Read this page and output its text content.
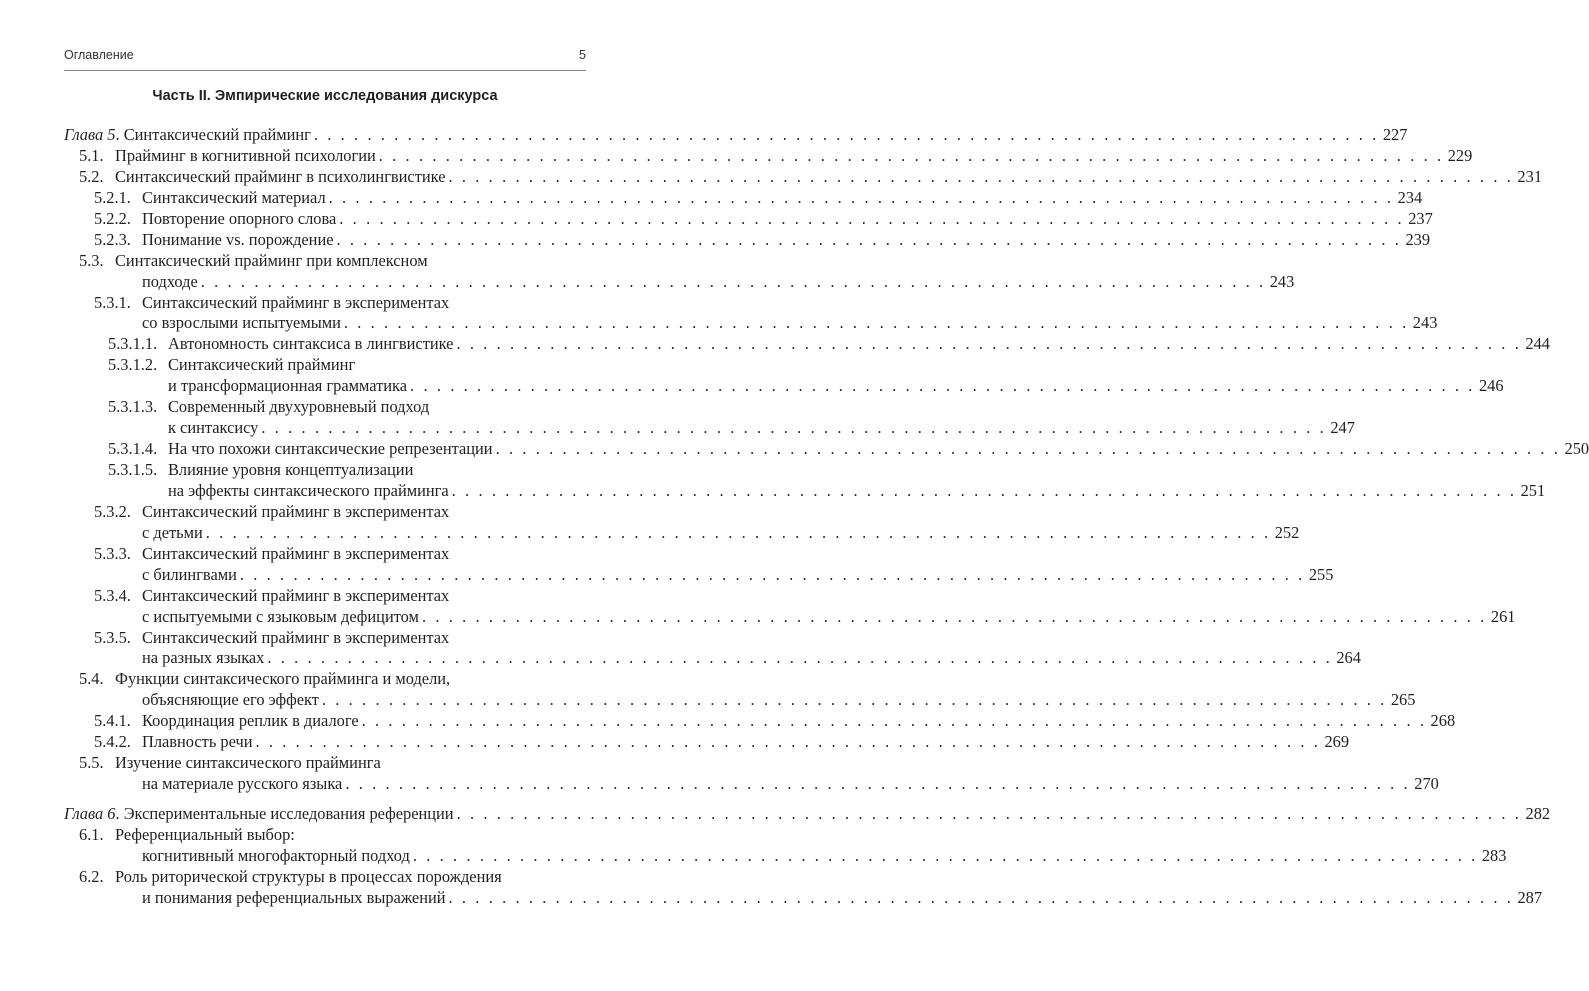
Оглавление	5
Часть II. Эмпирические исследования дискурса
Глава 5. Синтаксический прайминг . . . . . . . . . . . . . . . . . . . . . . . . . . . . . . . . . . . . . . . . . . . . . . . . . . . . . . . . . . . . . . . . . . . . . . . . . . . . . . . . 227
5.1. Прайминг в когнитивной психологии . . . . . . . . . . . . . . . . . . . . . . . . . . . . . . . . . . . . . . . . . . . . . . . . . . . . . . . . . . . . . . . . . . . . . . . . . . . . . . . . 229
5.2. Синтаксический прайминг в психолингвистике . . . . . . . . . . . . . . . . . . . . . . . . . . . . . . . . . . . . . . . . . . . . . . . . . . . . . . . . . . . . . . . . . . . . . . . . . . . . . . . . 231
5.2.1. Синтаксический материал . . . . . . . . . . . . . . . . . . . . . . . . . . . . . . . . . . . . . . . . . . . . . . . . . . . . . . . . . . . . . . . . . . . . . . . . . . . . . . . . 234
5.2.2. Повторение опорного слова . . . . . . . . . . . . . . . . . . . . . . . . . . . . . . . . . . . . . . . . . . . . . . . . . . . . . . . . . . . . . . . . . . . . . . . . . . . . . . . . 237
5.2.3. Понимание vs. порождение . . . . . . . . . . . . . . . . . . . . . . . . . . . . . . . . . . . . . . . . . . . . . . . . . . . . . . . . . . . . . . . . . . . . . . . . . . . . . . . . 239
5.3. Синтаксический прайминг при комплексном
подходе . . . . . . . . . . . . . . . . . . . . . . . . . . . . . . . . . . . . . . . . . . . . . . . . . . . . . . . . . . . . . . . . . . . . . . . . . . . . . . . . 243
5.3.1. Синтаксический прайминг в экспериментах
со взрослыми испытуемыми . . . . . . . . . . . . . . . . . . . . . . . . . . . . . . . . . . . . . . . . . . . . . . . . . . . . . . . . . . . . . . . . . . . . . . . . . . . . . . . . 243
5.3.1.1. Автономность синтаксиса в лингвистике . . . . . . . . . . . . . . . . . . . . . . . . . . . . . . . . . . . . . . . . . . . . . . . . . . . . . . . . . . . . . . . . . . . . . . . . . . . . . . . . 244
5.3.1.2. Синтаксический прайминг
и трансформационная грамматика . . . . . . . . . . . . . . . . . . . . . . . . . . . . . . . . . . . . . . . . . . . . . . . . . . . . . . . . . . . . . . . . . . . . . . . . . . . . . . . . 246
5.3.1.3. Современный двухуровневый подход
к синтаксису . . . . . . . . . . . . . . . . . . . . . . . . . . . . . . . . . . . . . . . . . . . . . . . . . . . . . . . . . . . . . . . . . . . . . . . . . . . . . . . . 247
5.3.1.4. На что похожи синтаксические репрезентации . . . . . . . . . . . . . . . . . . . . . . . . . . . . . . . . . . . . . . . . . . . . . . . . . . . . . . . . . . . . . . . . . . . . . . . . . . . . . . . . 250
5.3.1.5. Влияние уровня концептуализации
на эффекты синтаксического прайминга . . . . . . . . . . . . . . . . . . . . . . . . . . . . . . . . . . . . . . . . . . . . . . . . . . . . . . . . . . . . . . . . . . . . . . . . . . . . . . . . 251
5.3.2. Синтаксический прайминг в экспериментах
с детьми . . . . . . . . . . . . . . . . . . . . . . . . . . . . . . . . . . . . . . . . . . . . . . . . . . . . . . . . . . . . . . . . . . . . . . . . . . . . . . . . 252
5.3.3. Синтаксический прайминг в экспериментах
с билингвами . . . . . . . . . . . . . . . . . . . . . . . . . . . . . . . . . . . . . . . . . . . . . . . . . . . . . . . . . . . . . . . . . . . . . . . . . . . . . . . . 255
5.3.4. Синтаксический прайминг в экспериментах
с испытуемыми с языковым дефицитом . . . . . . . . . . . . . . . . . . . . . . . . . . . . . . . . . . . . . . . . . . . . . . . . . . . . . . . . . . . . . . . . . . . . . . . . . . . . . . . . 261
5.3.5. Синтаксический прайминг в экспериментах
на разных языках . . . . . . . . . . . . . . . . . . . . . . . . . . . . . . . . . . . . . . . . . . . . . . . . . . . . . . . . . . . . . . . . . . . . . . . . . . . . . . . . 264
5.4. Функции синтаксического прайминга и модели,
объясняющие его эффект . . . . . . . . . . . . . . . . . . . . . . . . . . . . . . . . . . . . . . . . . . . . . . . . . . . . . . . . . . . . . . . . . . . . . . . . . . . . . . . . 265
5.4.1. Координация реплик в диалоге . . . . . . . . . . . . . . . . . . . . . . . . . . . . . . . . . . . . . . . . . . . . . . . . . . . . . . . . . . . . . . . . . . . . . . . . . . . . . . . . 268
5.4.2. Плавность речи . . . . . . . . . . . . . . . . . . . . . . . . . . . . . . . . . . . . . . . . . . . . . . . . . . . . . . . . . . . . . . . . . . . . . . . . . . . . . . . . 269
5.5. Изучение синтаксического прайминга
на материале русского языка . . . . . . . . . . . . . . . . . . . . . . . . . . . . . . . . . . . . . . . . . . . . . . . . . . . . . . . . . . . . . . . . . . . . . . . . . . . . . . . . 270
Глава 6. Экспериментальные исследования референции . . . . . . . . . . . . . . . . . . . . . . . . . . . . . . . . . . . . . . . . . . . . . . . . . . . . . . . . . . . . . . . . . . . . . . . . . . . . . . . . 282
6.1. Референциальный выбор:
когнитивный многофакторный подход . . . . . . . . . . . . . . . . . . . . . . . . . . . . . . . . . . . . . . . . . . . . . . . . . . . . . . . . . . . . . . . . . . . . . . . . . . . . . . . . 283
6.2. Роль риторической структуры в процессах порождения
и понимания референциальных выражений . . . . . . . . . . . . . . . . . . . . . . . . . . . . . . . . . . . . . . . . . . . . . . . . . . . . . . . . . . . . . . . . . . . . . . . . . . . . . . . . 287
